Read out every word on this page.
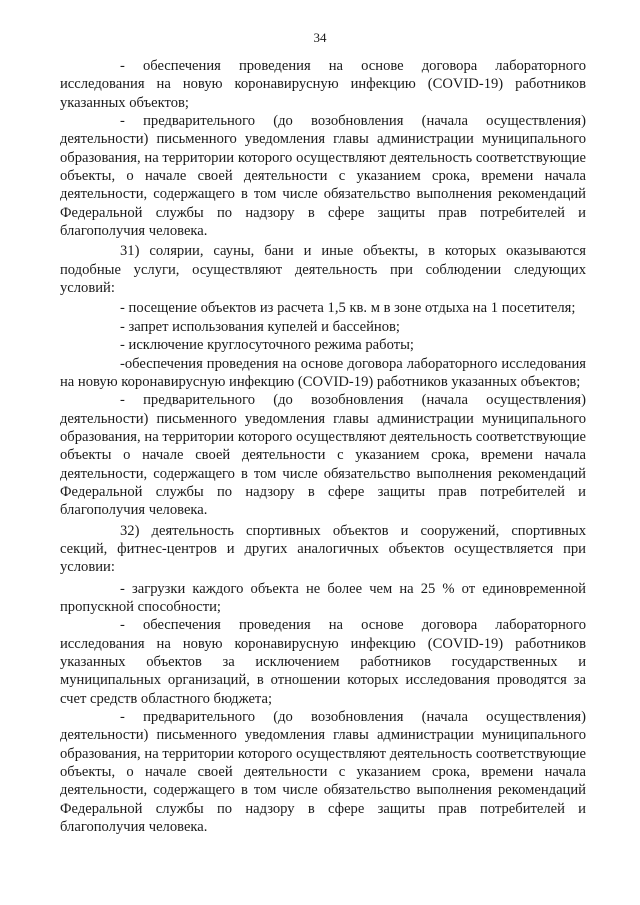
34

- обеспечения проведения на основе договора лабораторного исследования на новую коронавирусную инфекцию (COVID-19) работников указанных объектов;

- предварительного (до возобновления (начала осуществления) деятельности) письменного уведомления главы администрации муниципального образования, на территории которого осуществляют деятельность соответствующие объекты, о начале своей деятельности с указанием срока, времени начала деятельности, содержащего в том числе обязательство выполнения рекомендаций Федеральной службы по надзору в сфере защиты прав потребителей и благополучия человека.

31) солярии, сауны, бани и иные объекты, в которых оказываются подобные услуги, осуществляют деятельность при соблюдении следующих условий:

- посещение объектов из расчета 1,5 кв. м в зоне отдыха на 1 посетителя;

- запрет использования купелей и бассейнов;

- исключение круглосуточного режима работы;

-обеспечения проведения на основе договора лабораторного исследования на новую коронавирусную инфекцию (COVID-19) работников указанных объектов;

- предварительного (до возобновления (начала осуществления) деятельности) письменного уведомления главы администрации муниципального образования, на территории которого осуществляют деятельность соответствующие объекты о начале своей деятельности с указанием срока, времени начала деятельности, содержащего в том числе обязательство выполнения рекомендаций Федеральной службы по надзору в сфере защиты прав потребителей и благополучия человека.

32) деятельность спортивных объектов и сооружений, спортивных секций, фитнес-центров и других аналогичных объектов осуществляется при условии:

- загрузки каждого объекта не более чем на 25 % от единовременной пропускной способности;

- обеспечения проведения на основе договора лабораторного исследования на новую коронавирусную инфекцию (COVID-19) работников указанных объектов за исключением работников государственных и муниципальных организаций, в отношении которых исследования проводятся за счет средств областного бюджета;

- предварительного (до возобновления (начала осуществления) деятельности) письменного уведомления главы администрации муниципального образования, на территории которого осуществляют деятельность соответствующие объекты, о начале своей деятельности с указанием срока, времени начала деятельности, содержащего в том числе обязательство выполнения рекомендаций Федеральной службы по надзору в сфере защиты прав потребителей и благополучия человека.
